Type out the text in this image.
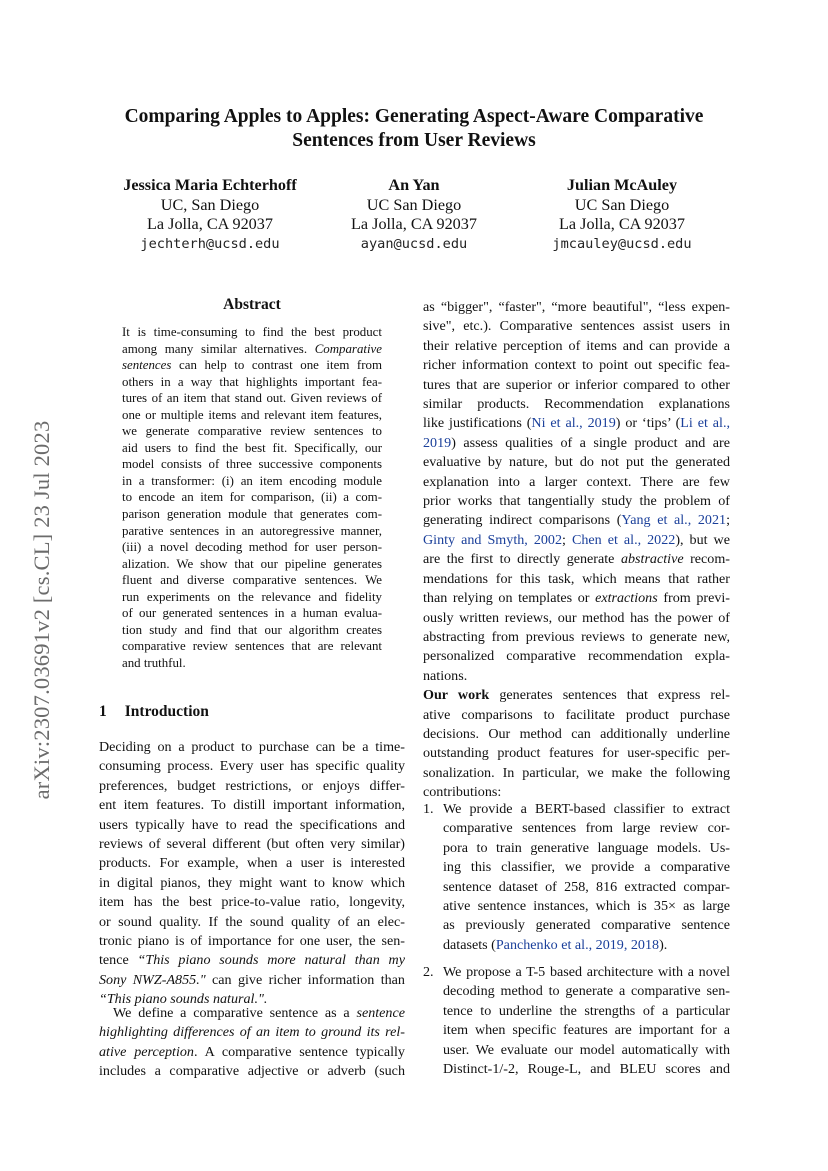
arXiv:2307.03691v2 [cs.CL] 23 Jul 2023
Comparing Apples to Apples: Generating Aspect-Aware Comparative
Sentences from User Reviews
Jessica Maria Echterhoff
UC, San Diego
La Jolla, CA 92037
jechterh@ucsd.edu
An Yan
UC San Diego
La Jolla, CA 92037
ayan@ucsd.edu
Julian McAuley
UC San Diego
La Jolla, CA 92037
jmcauley@ucsd.edu
Abstract
It is time-consuming to find the best product
among many similar alternatives. Comparative
sentences can help to contrast one item from
others in a way that highlights important fea-
tures of an item that stand out. Given reviews of
one or multiple items and relevant item features,
we generate comparative review sentences to
aid users to find the best fit. Specifically, our
model consists of three successive components
in a transformer: (i) an item encoding module
to encode an item for comparison, (ii) a com-
parison generation module that generates com-
parative sentences in an autoregressive manner,
(iii) a novel decoding method for user person-
alization. We show that our pipeline generates
fluent and diverse comparative sentences. We
run experiments on the relevance and fidelity
of our generated sentences in a human evalua-
tion study and find that our algorithm creates
comparative review sentences that are relevant
and truthful.
1 Introduction
Deciding on a product to purchase can be a time-
consuming process. Every user has specific quality
preferences, budget restrictions, or enjoys differ-
ent item features. To distill important information,
users typically have to read the specifications and
reviews of several different (but often very similar)
products. For example, when a user is interested
in digital pianos, they might want to know which
item has the best price-to-value ratio, longevity,
or sound quality. If the sound quality of an elec-
tronic piano is of importance for one user, the sen-
tence “This piano sounds more natural than my
Sony NWZ-A855." can give richer information than
“This piano sounds natural.".
We define a comparative sentence as a sentence
highlighting differences of an item to ground its rel-
ative perception. A comparative sentence typically
includes a comparative adjective or adverb (such
as “bigger", “faster", “more beautiful", “less expen-
sive", etc.). Comparative sentences assist users in
their relative perception of items and can provide a
richer information context to point out specific fea-
tures that are superior or inferior compared to other
similar products. Recommendation explanations
like justifications (Ni et al., 2019) or ‘tips’ (Li et al.,
2019) assess qualities of a single product and are
evaluative by nature, but do not put the generated
explanation into a larger context. There are few
prior works that tangentially study the problem of
generating indirect comparisons (Yang et al., 2021;
Ginty and Smyth, 2002; Chen et al., 2022), but we
are the first to directly generate abstractive recom-
mendations for this task, which means that rather
than relying on templates or extractions from previ-
ously written reviews, our method has the power of
abstracting from previous reviews to generate new,
personalized comparative recommendation expla-
nations.
Our work generates sentences that express rel-
ative comparisons to facilitate product purchase
decisions. Our method can additionally underline
outstanding product features for user-specific per-
sonalization. In particular, we make the following
contributions:
1. We provide a BERT-based classifier to extract
comparative sentences from large review cor-
pora to train generative language models. Us-
ing this classifier, we provide a comparative
sentence dataset of 258, 816 extracted compar-
ative sentence instances, which is 35× as large
as previously generated comparative sentence
datasets (Panchenko et al., 2019, 2018).
2. We propose a T-5 based architecture with a novel
decoding method to generate a comparative sen-
tence to underline the strengths of a particular
item when specific features are important for a
user. We evaluate our model automatically with
Distinct-1/-2, Rouge-L, and BLEU scores and
